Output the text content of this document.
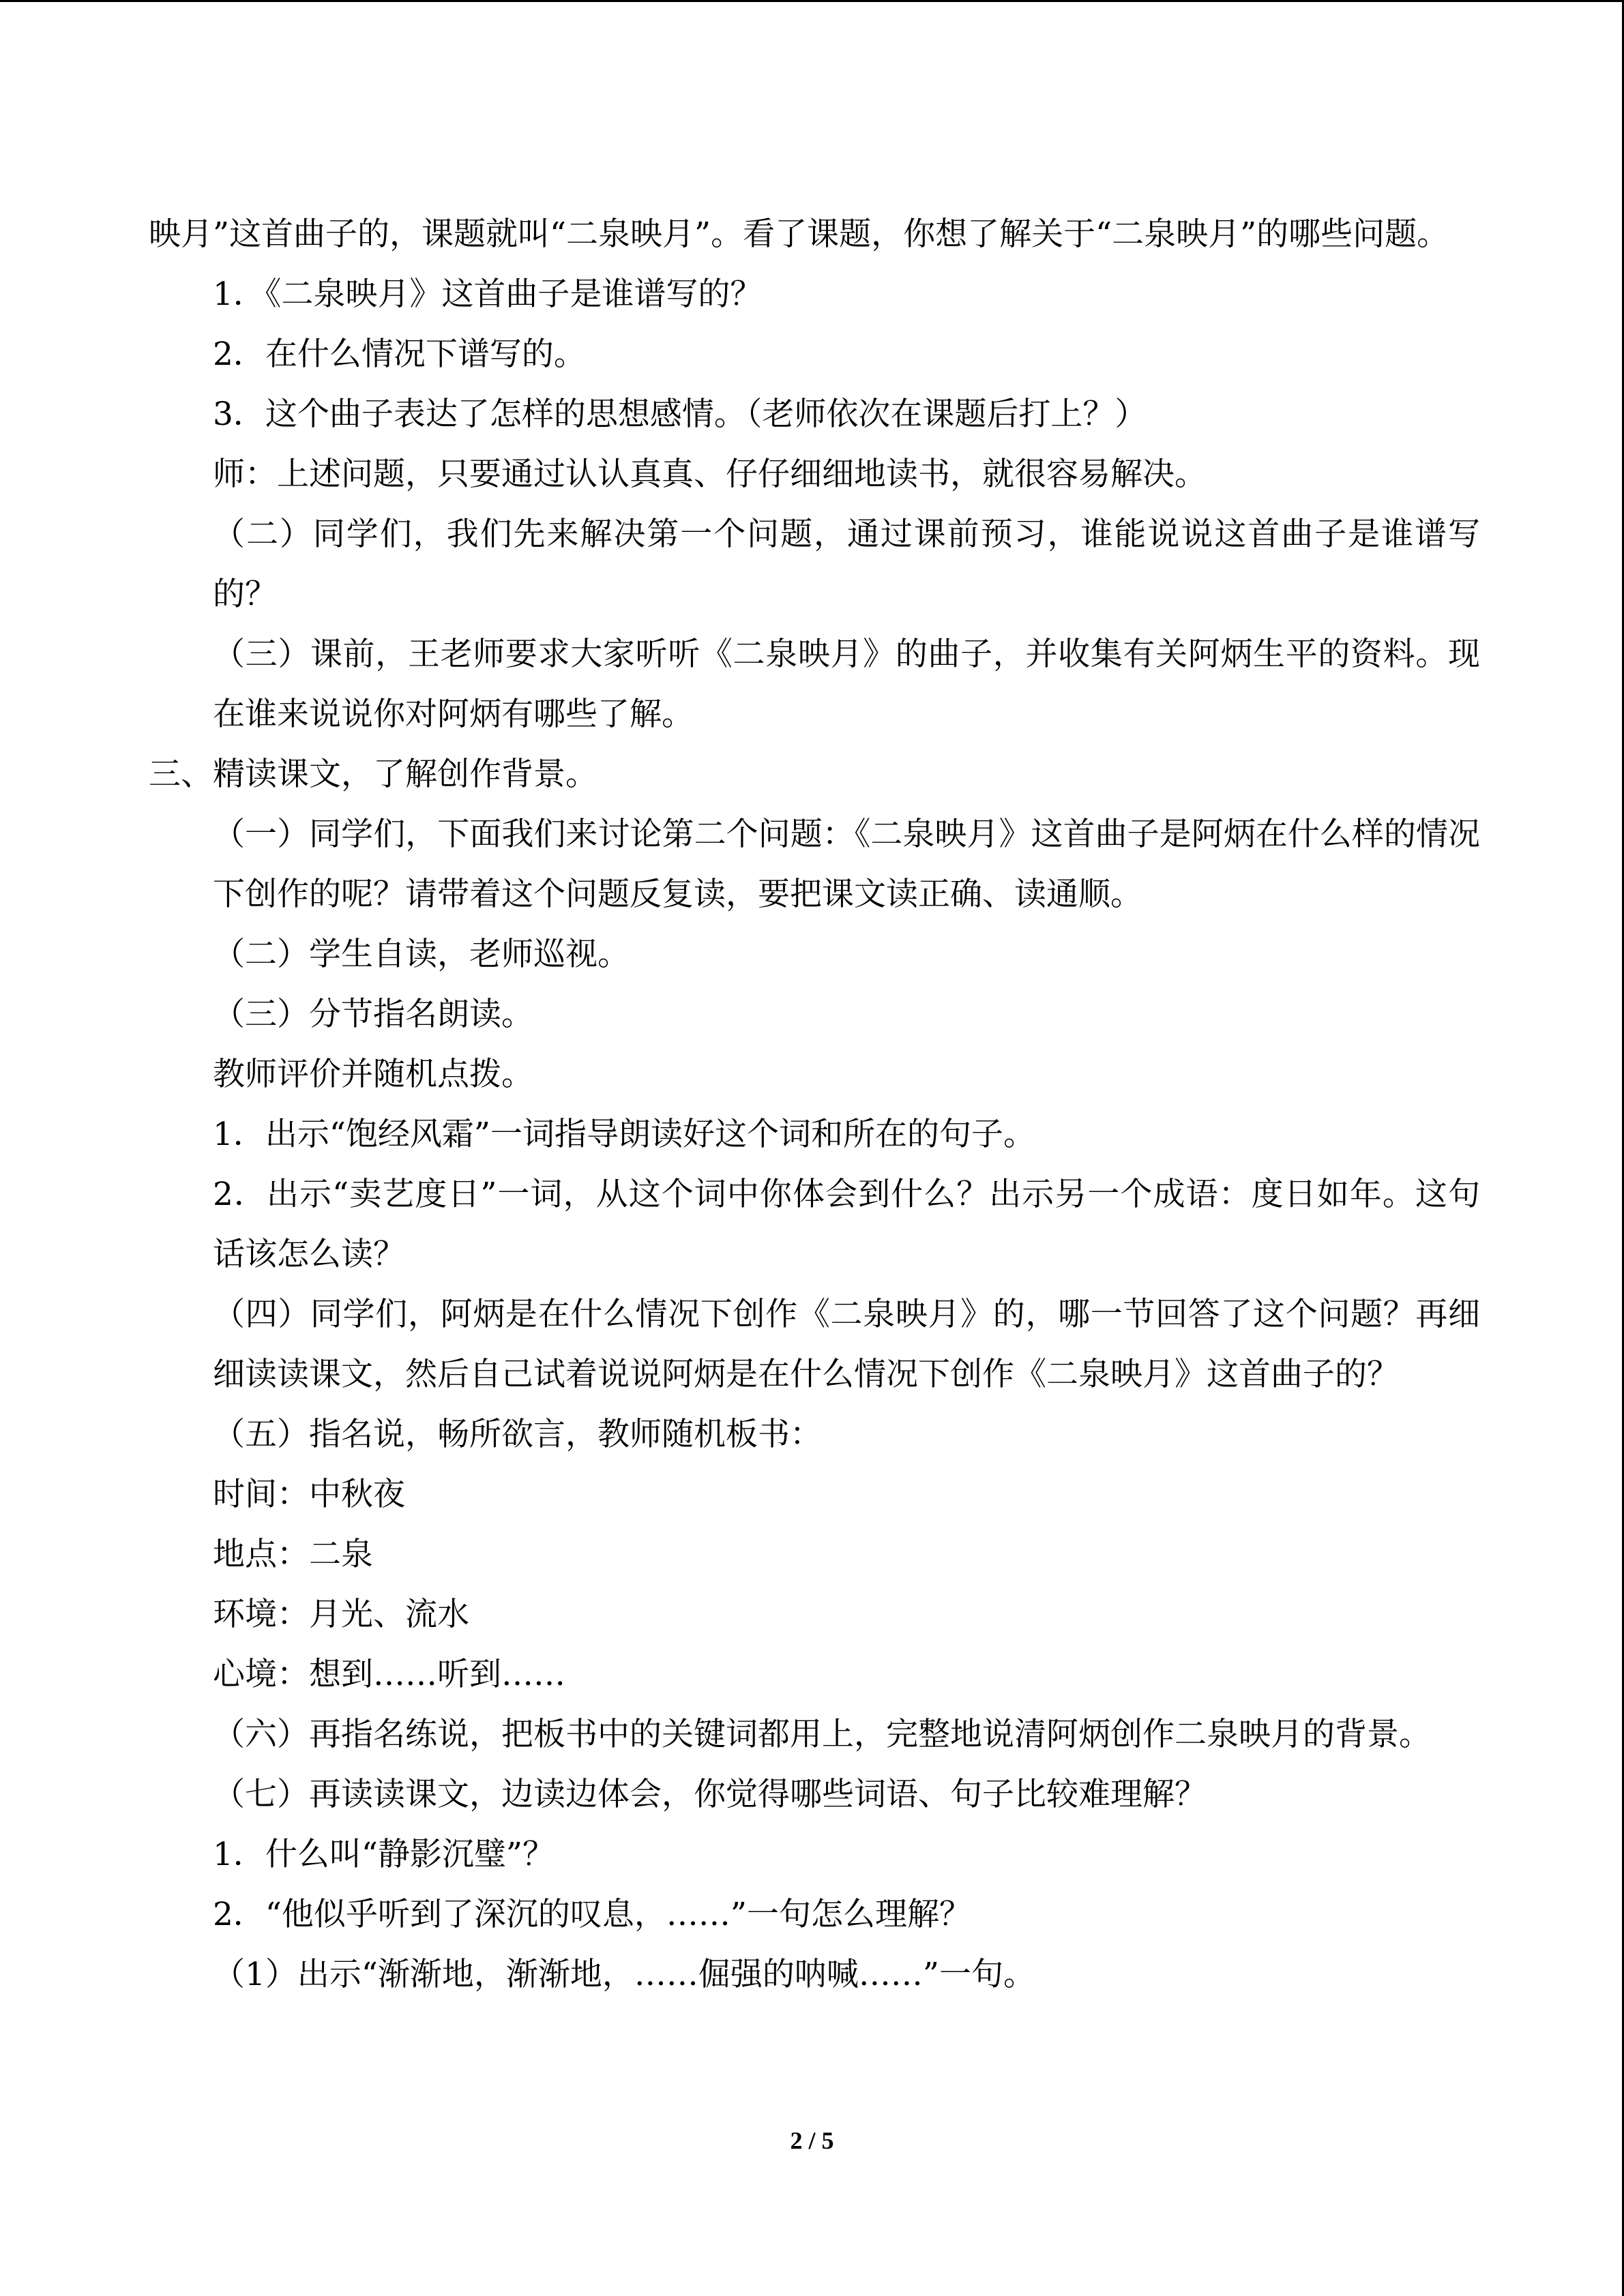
映月”这首曲子的，课题就叫“二泉映月”。看了课题，你想了解关于“二泉映月”的哪些问题。

1．《二泉映月》这首曲子是谁谱写的？

2．在什么情况下谱写的。

3．这个曲子表达了怎样的思想感情。（老师依次在课题后打上？）

师：上述问题，只要通过认认真真、仔仔细细地读书，就很容易解决。

（二）同学们，我们先来解决第一个问题，通过课前预习，谁能说说这首曲子是谁谱写的？

（三）课前，王老师要求大家听听《二泉映月》的曲子，并收集有关阿炳生平的资料。现在谁来说说你对阿炳有哪些了解。

三、精读课文，了解创作背景。

（一）同学们，下面我们来讨论第二个问题：《二泉映月》这首曲子是阿炳在什么样的情况下创作的呢？请带着这个问题反复读，要把课文读正确、读通顺。

（二）学生自读，老师巡视。

（三）分节指名朗读。

教师评价并随机点拨。

1．出示“饱经风霜”一词指导朗读好这个词和所在的句子。

2．出示“卖艺度日”一词，从这个词中你体会到什么？出示另一个成语：度日如年。这句话该怎么读？

（四）同学们，阿炳是在什么情况下创作《二泉映月》的，哪一节回答了这个问题？再细细读读课文，然后自己试着说说阿炳是在什么情况下创作《二泉映月》这首曲子的？

（五）指名说，畅所欲言，教师随机板书：

时间：中秋夜

地点：二泉

环境：月光、流水

心境：想到……听到……

（六）再指名练说，把板书中的关键词都用上，完整地说清阿炳创作二泉映月的背景。

（七）再读读课文，边读边体会，你觉得哪些词语、句子比较难理解？

1．什么叫“静影沉璧”？

2．“他似乎听到了深沉的叹息，……”一句怎么理解？

（1）出示“渐渐地，渐渐地，……倔强的呐喊……”一句。

2 / 5
